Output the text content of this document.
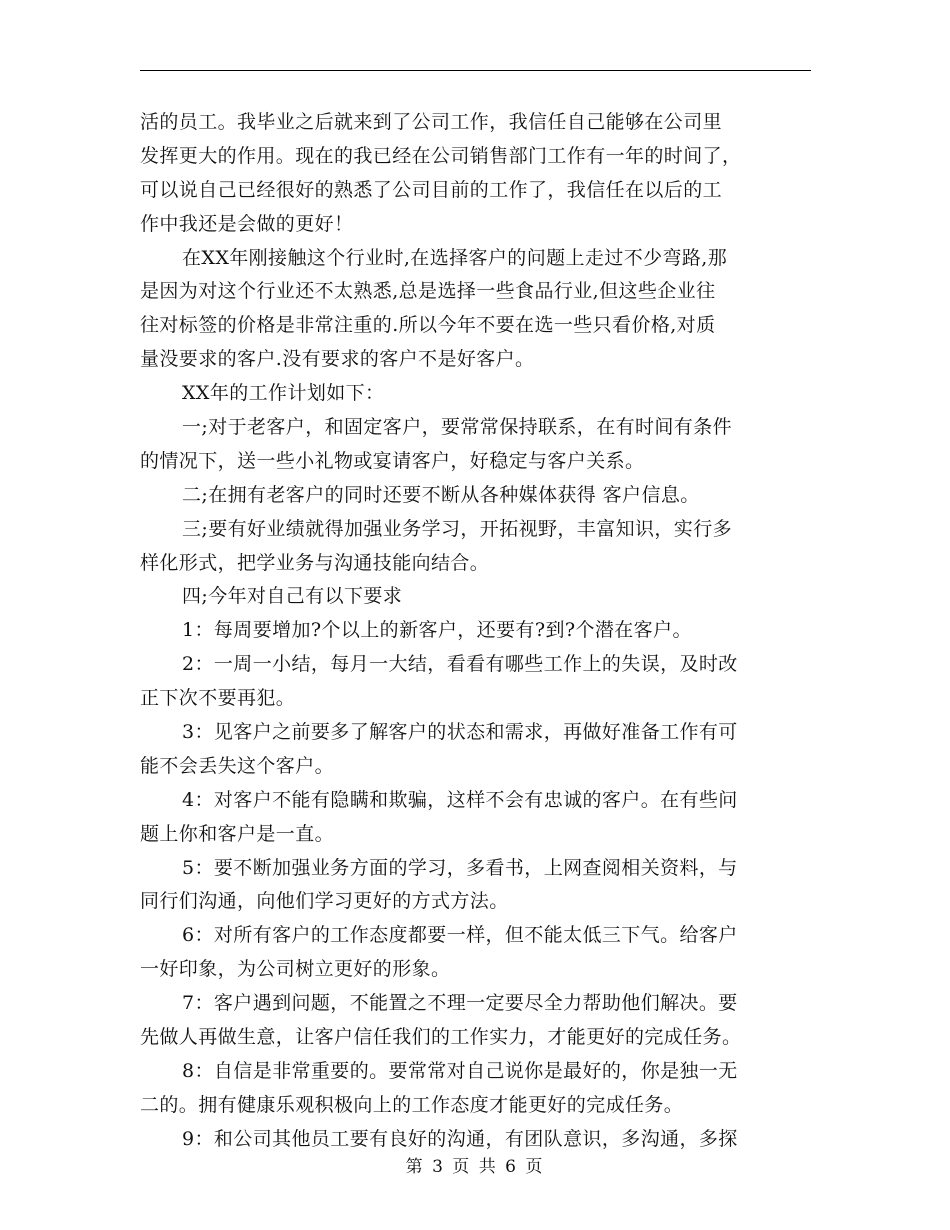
活的员工。我毕业之后就来到了公司工作，我信任自己能够在公司里
发挥更大的作用。现在的我已经在公司销售部门工作有一年的时间了，
可以说自己已经很好的熟悉了公司目前的工作了，我信任在以后的工
作中我还是会做的更好！
在XX年刚接触这个行业时,在选择客户的问题上走过不少弯路,那
是因为对这个行业还不太熟悉,总是选择一些食品行业,但这些企业往
往对标签的价格是非常注重的.所以今年不要在选一些只看价格,对质
量没要求的客户.没有要求的客户不是好客户。
XX年的工作计划如下：
一;对于老客户，和固定客户，要常常保持联系，在有时间有条件
的情况下，送一些小礼物或宴请客户，好稳定与客户关系。
二;在拥有老客户的同时还要不断从各种媒体获得 客户信息。
三;要有好业绩就得加强业务学习，开拓视野，丰富知识，实行多
样化形式，把学业务与沟通技能向结合。
四;今年对自己有以下要求
1：每周要增加?个以上的新客户，还要有?到?个潜在客户。
2：一周一小结，每月一大结，看看有哪些工作上的失误，及时改
正下次不要再犯。
3：见客户之前要多了解客户的状态和需求，再做好准备工作有可
能不会丢失这个客户。
4：对客户不能有隐瞒和欺骗，这样不会有忠诚的客户。在有些问
题上你和客户是一直。
5：要不断加强业务方面的学习，多看书，上网查阅相关资料，与
同行们沟通，向他们学习更好的方式方法。
6：对所有客户的工作态度都要一样，但不能太低三下气。给客户
一好印象，为公司树立更好的形象。
7：客户遇到问题，不能置之不理一定要尽全力帮助他们解决。要
先做人再做生意，让客户信任我们的工作实力，才能更好的完成任务。
8：自信是非常重要的。要常常对自己说你是最好的，你是独一无
二的。拥有健康乐观积极向上的工作态度才能更好的完成任务。
9：和公司其他员工要有良好的沟通，有团队意识，多沟通，多探
第 3 页 共 6 页
